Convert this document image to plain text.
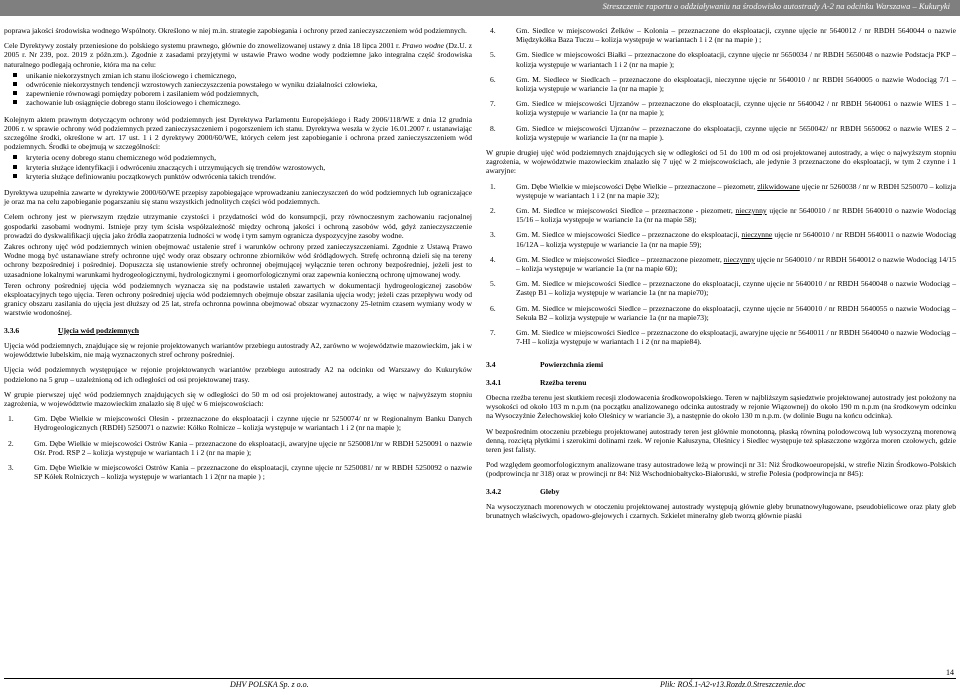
Streszczenie raportu o oddziaływaniu na środowisko autostrady A-2 na odcinku Warszawa – Kukuryki

poprawa jakości środowiska wodnego Wspólnoty. Określono w niej m.in. strategie zapobiegania i ochrony przed zanieczyszczeniem wód podziemnych.

Cele Dyrektywy zostały przeniesione do polskiego systemu prawnego, głównie do znowelizowanej ustawy z dnia 18 lipca 2001 r. Prawo wodne (Dz.U. z 2005 r. Nr 239, poz. 2019 z późn.zm.). Zgodnie z zasadami przyjętymi w ustawie Prawo wodne wody podziemne jako integralna część środowiska naturalnego podlegają ochronie, która ma na celu:

unikanie niekorzystnych zmian ich stanu ilościowego i chemicznego,
odwrócenie niekorzystnych tendencji wzrostowych zanieczyszczenia powstałego w wyniku działalności człowieka,
zapewnienie równowagi pomiędzy poborem i zasilaniem wód podziemnych,
zachowanie lub osiągnięcie dobrego stanu ilościowego i chemicznego.

Kolejnym aktem prawnym dotyczącym ochrony wód podziemnych jest Dyrektywa Parlamentu Europejskiego i Rady 2006/118/WE z dnia 12 grudnia 2006 r. w sprawie ochrony wód podziemnych przed zanieczyszczeniem i pogorszeniem ich stanu. Dyrektywa weszła w życie 16.01.2007 r. ustanawiając szczególne środki, określone w art. 17 ust. 1 i 2 dyrektywy 2000/60/WE, których celem jest zapobieganie i ochrona przed zanieczyszczeniem wód podziemnych. Środki te obejmują w szczególności:

kryteria oceny dobrego stanu chemicznego wód podziemnych,
kryteria służące identyfikacji i odwróceniu znaczących i utrzymujących się trendów wzrostowych,
kryteria służące definiowaniu początkowych punktów odwrócenia takich trendów.

Dyrektywa uzupełnia zawarte w dyrektywie 2000/60/WE przepisy zapobiegające wprowadzaniu zanieczyszczeń do wód podziemnych lub ograniczające je oraz ma na celu zapobieganie pogarszaniu się stanu wszystkich jednolitych części wód podziemnych.

Celem ochrony jest w pierwszym rzędzie utrzymanie czystości i przydatności wód do konsumpcji, przy równoczesnym zachowaniu racjonalnej gospodarki zasobami wodnymi. Istnieje przy tym ścisła współzależność między ochroną jakości i ochroną zasobów wód, gdyż zanieczyszczenie prowadzi do dyskwalifikacji ujęcia jako źródła zaopatrzenia ludności w wodę i tym samym ogranicza dyspozycyjne zasoby wodne.

Zakres ochrony ujęć wód podziemnych winien obejmować ustalenie stref i warunków ochrony przed zanieczyszczeniami. Zgodnie z Ustawą Prawo Wodne mogą być ustanawiane strefy ochronne ujęć wody oraz obszary ochronne zbiorników wód śródlądowych. Strefę ochronną dzieli się na tereny ochrony bezpośredniej i pośredniej. Dopuszcza się ustanowienie strefy ochronnej obejmującej wyłącznie teren ochrony bezpośredniej, jeżeli jest to uzasadnione lokalnymi warunkami hydrogeologicznymi, hydrologicznymi i geomorfologicznymi oraz zapewnia konieczną ochronę ujmowanej wody.

Teren ochrony pośredniej ujęcia wód podziemnych wyznacza się na podstawie ustaleń zawartych w dokumentacji hydrogeologicznej zasobów eksploatacyjnych tego ujęcia. Teren ochrony pośredniej ujęcia wód podziemnych obejmuje obszar zasilania ujęcia wody; jeżeli czas przepływu wody od granicy obszaru zasilania do ujęcia jest dłuższy od 25 lat, strefa ochronna powinna obejmować obszar wyznaczony 25-letnim czasem wymiany wody w warstwie wodonośnej.

3.3.6	Ujęcia wód podziemnych

Ujęcia wód podziemnych, znajdujące się w rejonie projektowanych wariantów przebiegu autostrady A2, zarówno w województwie mazowieckim, jak i w województwie lubelskim, nie mają wyznaczonych stref ochrony pośredniej.

Ujęcia wód podziemnych występujące w rejonie projektowanych wariantów przebiegu autostrady A2 na odcinku od Warszawy do Kukuryków podzielono na 5 grup – uzależnioną od ich odległości od osi projektowanej trasy.

W grupie pierwszej ujęć wód podziemnych znajdujących się w odległości do 50 m od osi projektowanej autostrady, a więc w najwyższym stopniu zagrożenia, w województwie mazowieckim znalazło się 8 ujęć w 6 miejscowościach:

1.	Gm. Dębe Wielkie w miejscowości Olesin - przeznaczone do eksploatacji i czynne ujęcie nr 5250074/ nr w Regionalnym Banku Danych Hydrogeologicznych (RBDH) 5250071 o nazwie: Kółko Rolnicze – kolizja występuje w wariantach 1 i 2 (nr na mapie );
2.	Gm. Dębe Wielkie w miejscowości Ostrów Kania – przeznaczone do eksploatacji, awaryjne ujęcie nr 5250081/nr w RBDH 5250091 o nazwie Ośr. Prod. RSP 2 – kolizja występuje w wariantach 1 i 2 (nr na mapie );
3.	Gm. Dębe Wielkie w miejscowości Ostrów Kania – przeznaczone do eksploatacji, czynne ujęcie nr 5250081/ nr w RBDH 5250092 o nazwie SP Kółek Rolniczych – kolizja występuje w wariantach 1 i 2(nr na mapie ) ;
4.	Gm. Siedlce w miejscowości Żelków – Kolonia – przeznaczone do eksploatacji, czynne ujęcie nr 5640012 / nr RBDH 5640044 o nazwie Międzykółka Baza Tuczu – kolizja występuje w wariantach 1 i 2 (nr na mapie ) ;
5.	Gm. Siedlce w miejscowości Białki – przeznaczone do eksploatacji, czynne ujęcie nr 5650034 / nr RBDH 5650048 o nazwie Podstacja PKP – kolizja występuje w wariantach 1 i 2 (nr na mapie );
6.	Gm. M. Siedlece w Siedlcach – przeznaczone do eksploatacji, nieczynne ujęcie nr 5640010 / nr RBDH 5640005 o nazwie Wodociąg 7/1 – kolizja występuje w wariancie 1a (nr na mapie );
7.	Gm. Siedlce w miejscowości Ujrzanów – przeznaczone do eksploatacji, czynne ujęcie nr 5640042 / nr RBDH 5640061 o nazwie WIES 1 – kolizja występuje w wariancie 1a (nr na mapie );
8.	Gm. Siedlce w miejscowości Ujrzanów – przeznaczone do eksploatacji, czynne ujęcie nr 5650042/ nr RBDH 5650062 o nazwie WIES 2 – kolizja występuje w wariancie 1a (nr na mapie ).

W grupie drugiej ujęć wód podziemnych znajdujących się w odległości od 51 do 100 m od osi projektowanej autostrady, a więc o najwyższym stopniu zagrożenia, w województwie mazowieckim znalazło się 7 ujęć w 2 miejscowościach, ale jedynie 3 przeznaczone do eksploatacji, w tym 2 czynne i 1 awaryjne:

1.	Gm. Dębe Wielkie w miejscowości Dębe Wielkie – przeznaczone – piezometr, zlikwidowane ujęcie nr 5260038 / nr w RBDH 5250070 – kolizja występuje w wariantach 1 i 2 (nr na mapie 32);
2.	Gm. M. Siedlce w miejscowości Siedlce – przeznaczone - piezometr, nieczynny ujęcie nr 5640010 / nr RBDH 5640010 o nazwie Wodociąg 15/16 – kolizja występuje w wariancie 1a (nr na mapie 58);
3.	Gm. M. Siedlce w miejscowości Siedlce – przeznaczone do eksploatacji, nieczynne ujęcie nr 5640010 / nr RBDH 5640011 o nazwie Wodociąg 16/12A – kolizja występuje w wariancie 1a (nr na mapie 59);
4.	Gm. M. Siedlce w miejscowości Siedlce – przeznaczone piezometr, nieczynny ujęcie nr 5640010 / nr RBDH 5640012 o nazwie Wodociąg 14/15 – kolizja występuje w wariancie 1a (nr na mapie 60);
5.	Gm. M. Siedlce w miejscowości Siedlce – przeznaczone do eksploatacji, czynne ujęcie nr 5640010 / nr RBDH 5640048 o nazwie Wodociąg – Zastęp B1 – kolizja występuje w wariancie 1a (nr na mapie70);
6.	Gm. M. Siedlce w miejscowości Siedlce – przeznaczone do eksploatacji, czynne ujęcie nr 5640010 / nr RBDH 5640055 o nazwie Wodociąg – Sekuła B2 – kolizja występuje w wariancie 1a (nr na mapie73);
7.	Gm. M. Siedlce w miejscowości Siedlce – przeznaczone do eksploatacji, awaryjne ujęcie nr 5640011 / nr RBDH 5640040 o nazwie Wodociąg – 7-HI – kolizja występuje w wariantach 1 i 2 (nr na mapie84).
3.4	Powierzchnia ziemi
3.4.1	Rzeźba terenu

Obecna rzeźba terenu jest skutkiem recesji zlodowacenia środkowopolskiego. Teren w najbliższym sąsiedztwie projektowanej autostrady jest położony na wysokości od około 103 m n.p.m (na początku analizowanego odcinka autostrady w rejonie Wiązownej) do około 190 m n.p.m (na środkowym odcinku na Wysoczyźnie Żelechowskiej koło Oleśnicy w wariancie 3), a następnie do około 130 m n.p.m. (w dolinie Bugu na końcu odcinka).

W bezpośrednim otoczeniu przebiegu projektowanej autostrady teren jest głównie monotonną, płaską równiną polodowcową lub wysoczyzną morenową denną, rozciętą płytkimi i szerokimi dolinami rzek. W rejonie Kałuszyna, Oleśnicy i Siedlec występuje też spłaszczone wzgórza moren czołowych, gdzie teren jest falisty.

Pod względem geomorfologicznym analizowane trasy autostradowe leżą w prowincji nr 31: Niż Środkowoeuropejski, w strefie Nizin Środkowo-Polskich (podprowincja nr 318) oraz w prowincji nr 84: Niż Wschodniobałtycko-Białoruski, w strefie Polesia (podprowincja nr 845):

3.4.2	Gleby

Na wysoczyznach morenowych w otoczeniu projektowanej autostrady występują głównie gleby brunatnowyługowane, pseudobielicowe oraz płaty gleb brunatnych właściwych, opadowo-glejowych i czarnych. Szkielet mineralny gleb tworzą głównie piaski

14
DHV POLSKA Sp. z o.o.	Plik: ROŚ.1-A2-v13.Rozdz.0.Streszczenie.doc
